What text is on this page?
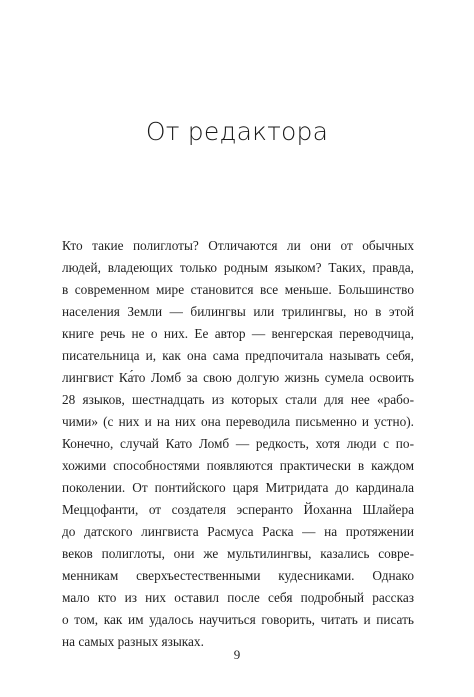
От редактора
Кто такие полиглоты? Отличаются ли они от обычных
людей, владеющих только родным языком? Таких, правда,
в современном мире становится все меньше. Большинство
населения Земли — билингвы или трилингвы, но в этой
книге речь не о них. Ее автор — венгерская переводчица,
писательница и, как она сама предпочитала называть себя,
лингвист Ка́то Ломб за свою долгую жизнь сумела освоить
28 языков, шестнадцать из которых стали для нее «рабо-
чими» (с них и на них она переводила письменно и устно).
Конечно, случай Като Ломб — редкость, хотя люди с по-
хожими способностями появляются практически в каждом
поколении. От понтийского царя Митридата до кардинала
Меццофанти, от создателя эсперанто Йоханна Шлайера
до датского лингвиста Расмуса Раска — на протяжении
веков полиглоты, они же мультилингвы, казались совре-
менникам сверхъестественными кудесниками. Однако
мало кто из них оставил после себя подробный рассказ
о том, как им удалось научиться говорить, читать и писать
на самых разных языках.
9
